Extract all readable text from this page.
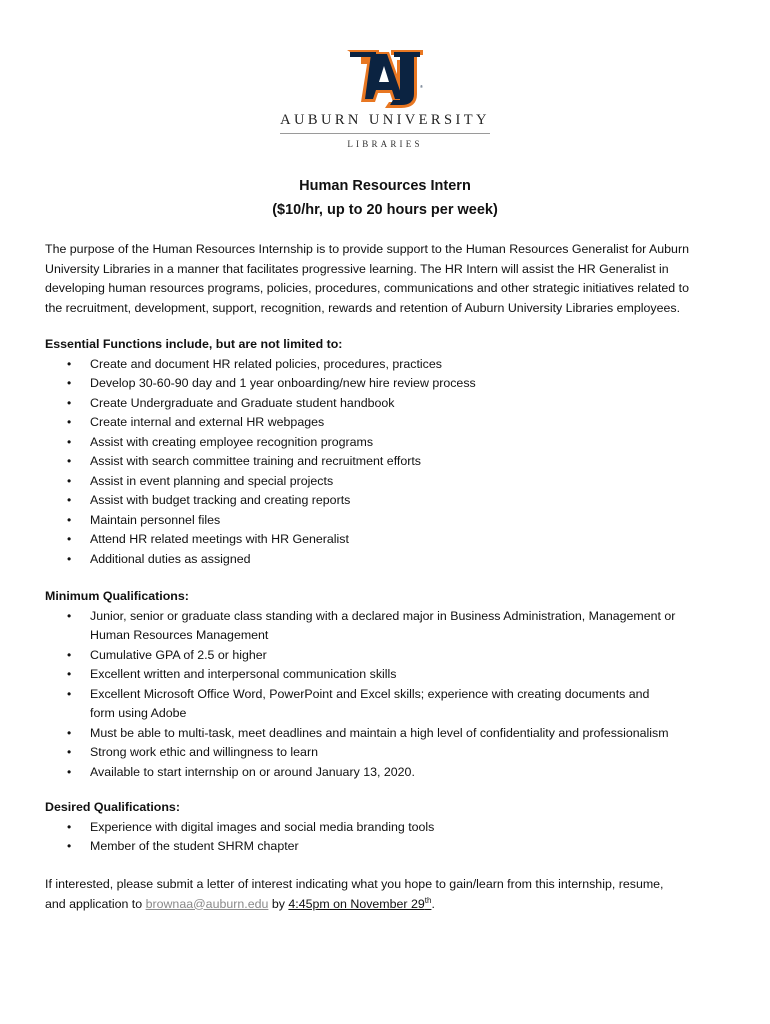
®
AUBURN UNIVERSITY
LIBRARIES
Human Resources Intern
($10/hr, up to 20 hours per week)

The purpose of the Human Resources Internship is to provide support to the Human Resources Generalist for Auburn

University Libraries in a manner that facilitates progressive learning. The HR Intern will assist the HR Generalist in

developing human resources programs, policies, procedures, communications and other strategic initiatives related to

the recruitment, development, support, recognition, rewards and retention of Auburn University Libraries employees.

Essential Functions include, but are not limited to:

• Create and document HR related policies, procedures, practices
• Develop 30-60-90 day and 1 year onboarding/new hire review process
• Create Undergraduate and Graduate student handbook
• Create internal and external HR webpages
• Assist with creating employee recognition programs
• Assist with search committee training and recruitment efforts
• Assist in event planning and special projects
• Assist with budget tracking and creating reports
• Maintain personnel files
• Attend HR related meetings with HR Generalist
• Additional duties as assigned

Minimum Qualifications:

• Junior, senior or graduate class standing with a declared major in Business Administration, Management or
Human Resources Management
• Cumulative GPA of 2.5 or higher
• Excellent written and interpersonal communication skills
• Excellent Microsoft Office Word, PowerPoint and Excel skills; experience with creating documents and
form using Adobe
• Must be able to multi-task, meet deadlines and maintain a high level of confidentiality and professionalism
• Strong work ethic and willingness to learn
• Available to start internship on or around January 13, 2020.

Desired Qualifications:

• Experience with digital images and social media branding tools
• Member of the student SHRM chapter

If interested, please submit a letter of interest indicating what you hope to gain/learn from this internship, resume,

and application to brownaa@auburn.edu by 4:45pm on November 29th.
